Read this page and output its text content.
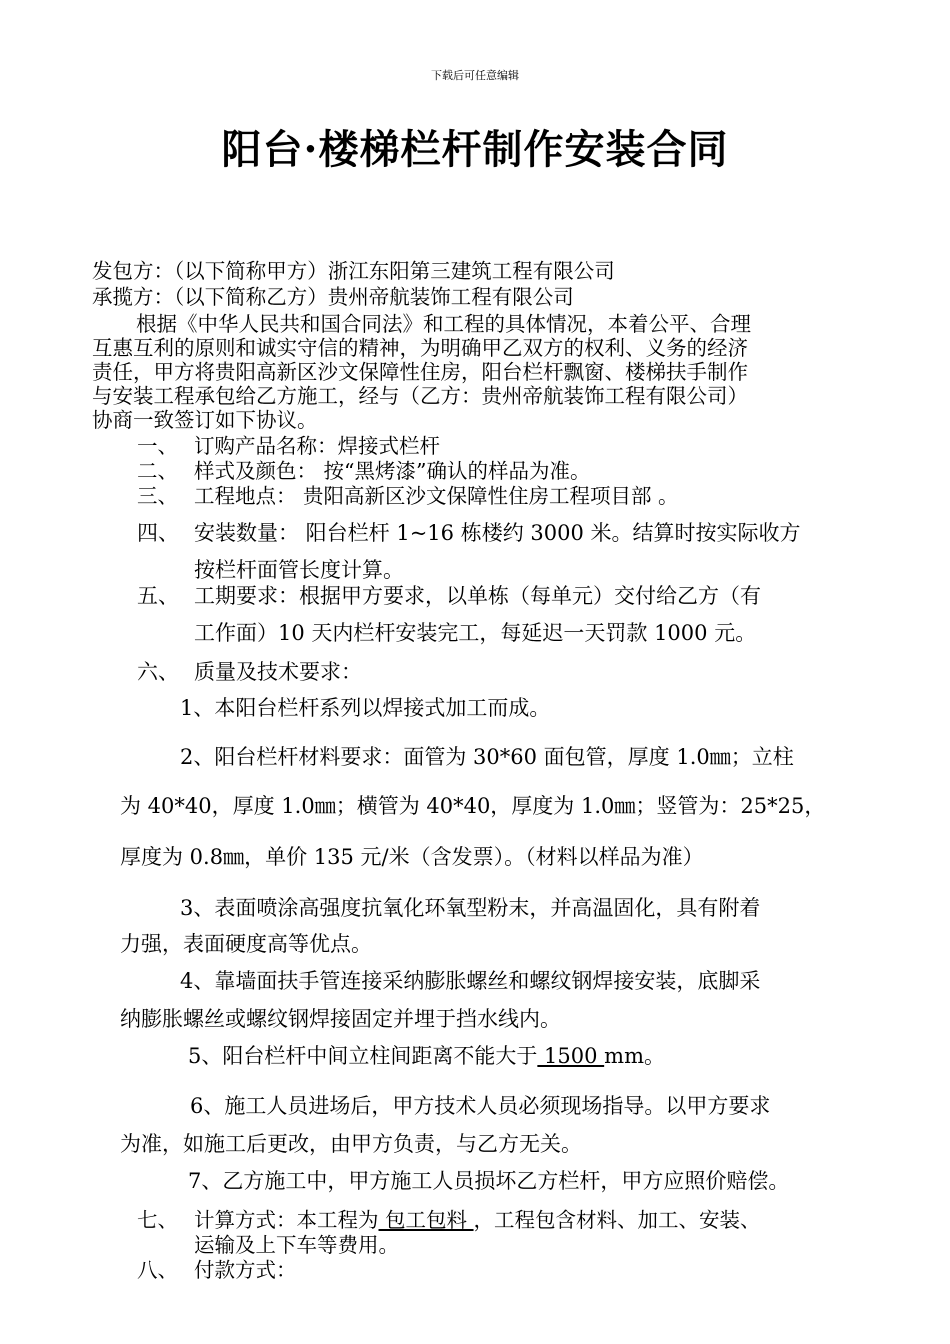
下载后可任意编辑
阳台·楼梯栏杆制作安装合同
发包方：（以下简称甲方）浙江东阳第三建筑工程有限公司
承揽方：（以下简称乙方）贵州帝航装饰工程有限公司
根据《中华人民共和国合同法》和工程的具体情况，本着公平、合理
互惠互利的原则和诚实守信的精神，为明确甲乙双方的权利、义务的经济
责任，甲方将贵阳高新区沙文保障性住房，阳台栏杆飘窗、楼梯扶手制作
与安装工程承包给乙方施工，经与（乙方：贵州帝航装饰工程有限公司）
协商一致签订如下协议。
一、 订购产品名称：焊接式栏杆
二、 样式及颜色： 按“黑烤漆”确认的样品为准。
三、 工程地点： 贵阳高新区沙文保障性住房工程项目部 。
四、 安装数量： 阳台栏杆 1~16 栋楼约 3000 米。结算时按实际收方
按栏杆面管长度计算。
五、 工期要求：根据甲方要求，以单栋（每单元）交付给乙方（有
工作面）10 天内栏杆安装完工，每延迟一天罚款 1000 元。
六、 质量及技术要求：
1、本阳台栏杆系列以焊接式加工而成。
2、阳台栏杆材料要求：面管为 30*60 面包管，厚度 1.0㎜；立柱
为 40*40，厚度 1.0㎜；横管为 40*40，厚度为 1.0㎜；竖管为：25*25，
厚度为 0.8㎜，单价 135 元/米（含发票）。（材料以样品为准）
3、表面喷涂高强度抗氧化环氧型粉末，并高温固化，具有附着
力强，表面硬度高等优点。
4、靠墙面扶手管连接采纳膨胀螺丝和螺纹钢焊接安装，底脚采
纳膨胀螺丝或螺纹钢焊接固定并埋于挡水线内。
5、阳台栏杆中间立柱间距离不能大于 1500 mm。
6、施工人员进场后，甲方技术人员必须现场指导。以甲方要求
为准，如施工后更改，由甲方负责，与乙方无关。
7、乙方施工中，甲方施工人员损坏乙方栏杆，甲方应照价赔偿。
七、 计算方式：本工程为 包工包料 ，工程包含材料、加工、安装、
运输及上下车等费用。
八、 付款方式：
